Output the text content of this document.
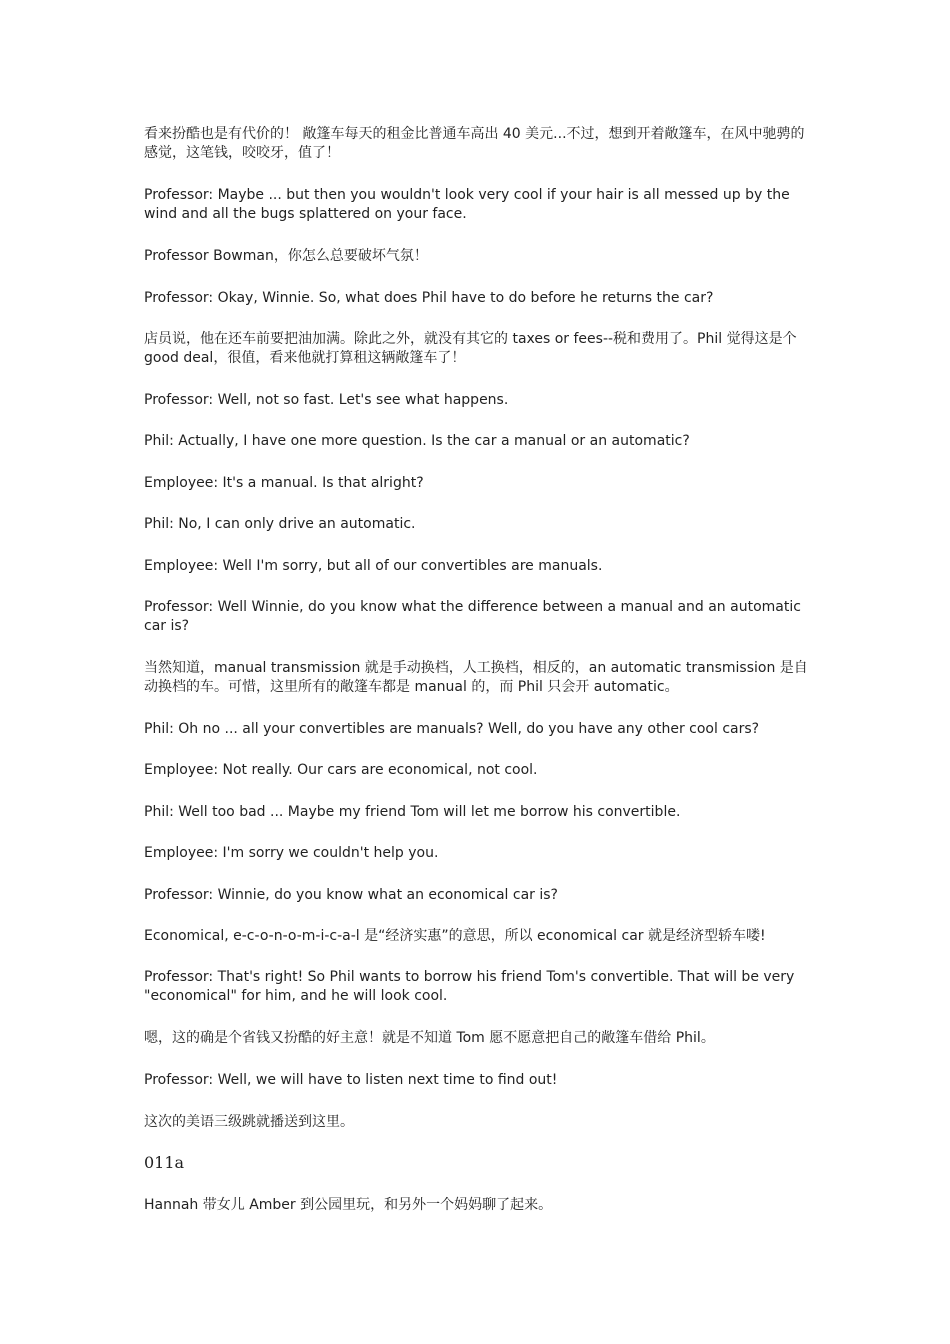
看来扮酷也是有代价的！ 敞篷车每天的租金比普通车高出 40 美元...不过，想到开着敞篷车，在风中驰骋的感觉，这笔钱，咬咬牙，值了！

Professor: Maybe ... but then you wouldn't look very cool if your hair is all messed up by the wind and all the bugs splattered on your face.

Professor Bowman，你怎么总要破坏气氛！

Professor: Okay, Winnie. So, what does Phil have to do before he returns the car?

店员说，他在还车前要把油加满。除此之外，就没有其它的 taxes or fees--税和费用了。Phil 觉得这是个 good deal，很值，看来他就打算租这辆敞篷车了！

Professor: Well, not so fast. Let's see what happens.

Phil: Actually, I have one more question. Is the car a manual or an automatic?

Employee: It's a manual. Is that alright?

Phil: No, I can only drive an automatic.

Employee: Well I'm sorry, but all of our convertibles are manuals.

Professor: Well Winnie, do you know what the difference between a manual and an automatic car is?

当然知道，manual transmission 就是手动换档，人工换档，相反的，an automatic transmission 是自动换档的车。可惜，这里所有的敞篷车都是 manual 的，而 Phil 只会开 automatic。

Phil: Oh no ... all your convertibles are manuals? Well, do you have any other cool cars?

Employee: Not really. Our cars are economical, not cool.

Phil: Well too bad ... Maybe my friend Tom will let me borrow his convertible.

Employee: I'm sorry we couldn't help you.

Professor: Winnie, do you know what an economical car is?

Economical, e-c-o-n-o-m-i-c-a-l 是“经济实惠”的意思，所以 economical car 就是经济型轿车喽!

Professor: That's right! So Phil wants to borrow his friend Tom's convertible. That will be very "economical" for him, and he will look cool.

嗯，这的确是个省钱又扮酷的好主意！就是不知道 Tom 愿不愿意把自己的敞篷车借给 Phil。

Professor: Well, we will have to listen next time to find out!

这次的美语三级跳就播送到这里。

011a

Hannah 带女儿 Amber 到公园里玩，和另外一个妈妈聊了起来。
